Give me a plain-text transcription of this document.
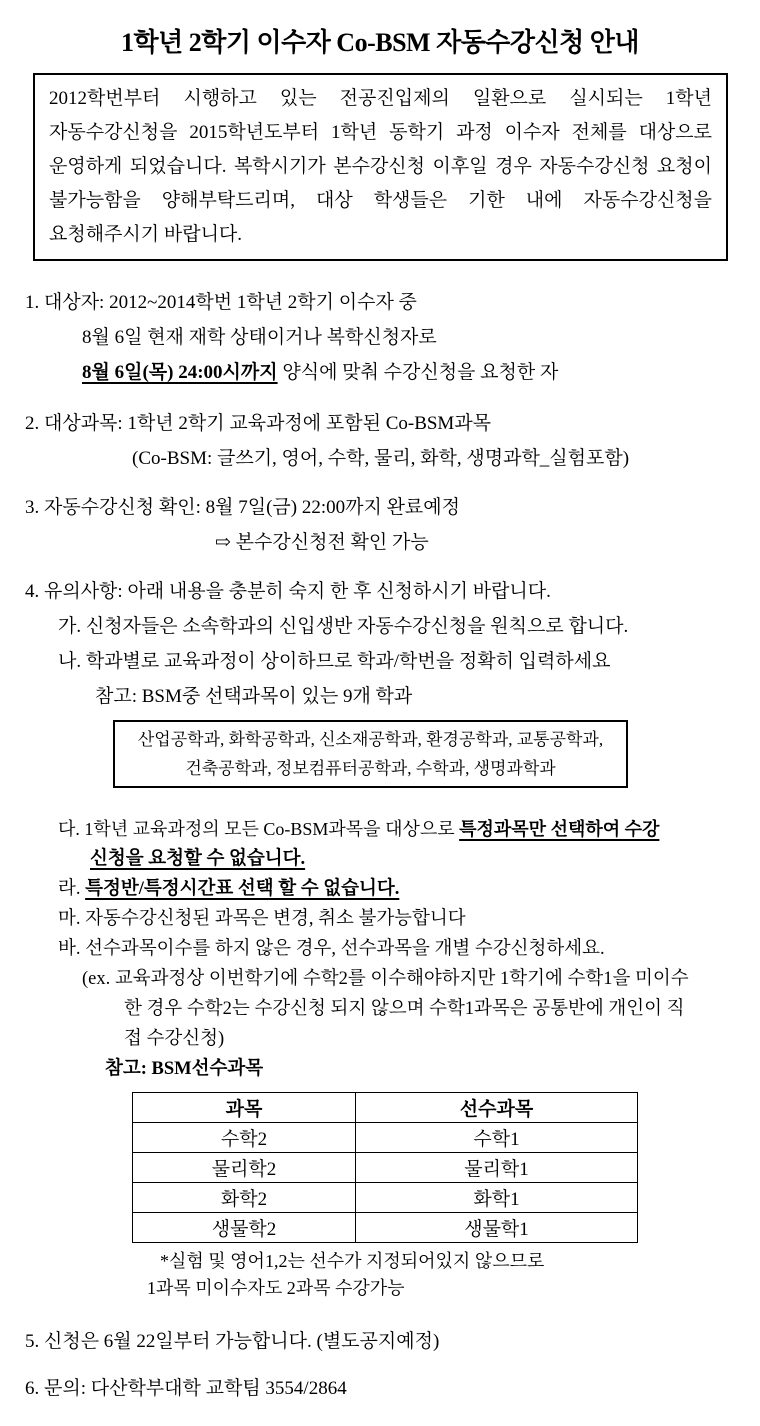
1학년 2학기 이수자 Co-BSM 자동수강신청 안내
2012학번부터 시행하고 있는 전공진입제의 일환으로 실시되는 1학년 자동수강신청을 2015학년도부터 1학년 동학기 과정 이수자 전체를 대상으로 운영하게 되었습니다. 복학시기가 본수강신청 이후일 경우 자동수강신청 요청이 불가능함을 양해부탁드리며, 대상 학생들은 기한 내에 자동수강신청을 요청해주시기 바랍니다.
1. 대상자: 2012~2014학번 1학년 2학기 이수자 중
8월 6일 현재 재학 상태이거나 복학신청자로
8월 6일(목) 24:00시까지 양식에 맞춰 수강신청을 요청한 자
2. 대상과목: 1학년 2학기 교육과정에 포함된 Co-BSM과목
(Co-BSM: 글쓰기, 영어, 수학, 물리, 화학, 생명과학_실험포함)
3. 자동수강신청 확인: 8월 7일(금) 22:00까지 완료예정
⇨ 본수강신청전 확인 가능
4. 유의사항: 아래 내용을 충분히 숙지 한 후 신청하시기 바랍니다.
가. 신청자들은 소속학과의 신입생반 자동수강신청을 원칙으로 합니다.
나. 학과별로 교육과정이 상이하므로 학과/학번을 정확히 입력하세요
참고: BSM중 선택과목이 있는 9개 학과
산업공학과, 화학공학과, 신소재공학과, 환경공학과, 교통공학과,
건축공학과, 정보컴퓨터공학과, 수학과, 생명과학과
다. 1학년 교육과정의 모든 Co-BSM과목을 대상으로 특정과목만 선택하여 수강
신청을 요청할 수 없습니다.
라. 특정반/특정시간표 선택 할 수 없습니다.
마. 자동수강신청된 과목은 변경, 취소 불가능합니다
바. 선수과목이수를 하지 않은 경우, 선수과목을 개별 수강신청하세요.
(ex. 교육과정상 이번학기에 수학2를 이수해야하지만 1학기에 수학1을 미이수
한 경우 수학2는 수강신청 되지 않으며 수학1과목은 공통반에 개인이 직
접 수강신청)
참고: BSM선수과목
과목	선수과목
수학2	수학1
물리학2	물리학1
화학2	화학1
생물학2	생물학1
*실험 및 영어1,2는 선수가 지정되어있지 않으므로
1과목 미이수자도 2과목 수강가능
5. 신청은 6월 22일부터 가능합니다. (별도공지예정)
6. 문의: 다산학부대학 교학팀 3554/2864
